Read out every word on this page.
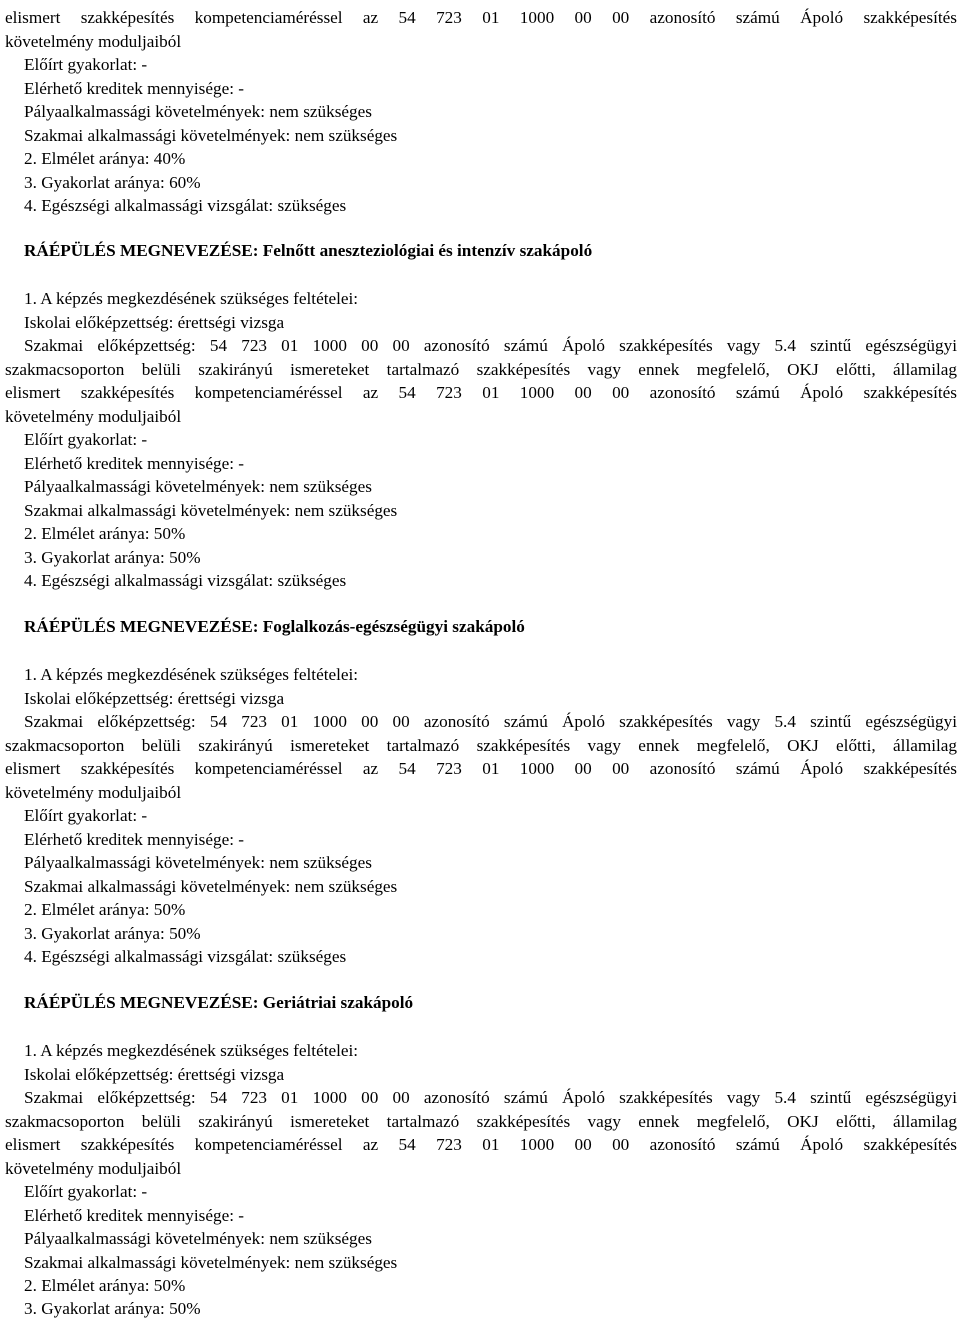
elismert szakképesítés kompetenciaméréssel az 54 723 01 1000 00 00 azonosító számú Ápoló szakképesítés
követelmény moduljaiból
Előírt gyakorlat: -
Elérhető kreditek mennyisége: -
Pályaalkalmassági követelmények: nem szükséges
Szakmai alkalmassági követelmények: nem szükséges
2. Elmélet aránya: 40%
3. Gyakorlat aránya: 60%
4. Egészségi alkalmassági vizsgálat: szükséges
RÁÉPÜLÉS MEGNEVEZÉSE: Felnőtt aneszteziológiai és intenzív szakápoló
1. A képzés megkezdésének szükséges feltételei:
Iskolai előképzettség: érettségi vizsga
Szakmai előképzettség: 54 723 01 1000 00 00 azonosító számú Ápoló szakképesítés vagy 5.4 szintű egészségügyi
szakmacsoporton belüli szakirányú ismereteket tartalmazó szakképesítés vagy ennek megfelelő, OKJ előtti, államilag
elismert szakképesítés kompetenciaméréssel az 54 723 01 1000 00 00 azonosító számú Ápoló szakképesítés
követelmény moduljaiból
Előírt gyakorlat: -
Elérhető kreditek mennyisége: -
Pályaalkalmassági követelmények: nem szükséges
Szakmai alkalmassági követelmények: nem szükséges
2. Elmélet aránya: 50%
3. Gyakorlat aránya: 50%
4. Egészségi alkalmassági vizsgálat: szükséges
RÁÉPÜLÉS MEGNEVEZÉSE: Foglalkozás-egészségügyi szakápoló
1. A képzés megkezdésének szükséges feltételei:
Iskolai előképzettség: érettségi vizsga
Szakmai előképzettség: 54 723 01 1000 00 00 azonosító számú Ápoló szakképesítés vagy 5.4 szintű egészségügyi
szakmacsoporton belüli szakirányú ismereteket tartalmazó szakképesítés vagy ennek megfelelő, OKJ előtti, államilag
elismert szakképesítés kompetenciaméréssel az 54 723 01 1000 00 00 azonosító számú Ápoló szakképesítés
követelmény moduljaiból
Előírt gyakorlat: -
Elérhető kreditek mennyisége: -
Pályaalkalmassági követelmények: nem szükséges
Szakmai alkalmassági követelmények: nem szükséges
2. Elmélet aránya: 50%
3. Gyakorlat aránya: 50%
4. Egészségi alkalmassági vizsgálat: szükséges
RÁÉPÜLÉS MEGNEVEZÉSE: Geriátriai szakápoló
1. A képzés megkezdésének szükséges feltételei:
Iskolai előképzettség: érettségi vizsga
Szakmai előképzettség: 54 723 01 1000 00 00 azonosító számú Ápoló szakképesítés vagy 5.4 szintű egészségügyi
szakmacsoporton belüli szakirányú ismereteket tartalmazó szakképesítés vagy ennek megfelelő, OKJ előtti, államilag
elismert szakképesítés kompetenciaméréssel az 54 723 01 1000 00 00 azonosító számú Ápoló szakképesítés
követelmény moduljaiból
Előírt gyakorlat: -
Elérhető kreditek mennyisége: -
Pályaalkalmassági követelmények: nem szükséges
Szakmai alkalmassági követelmények: nem szükséges
2. Elmélet aránya: 50%
3. Gyakorlat aránya: 50%
